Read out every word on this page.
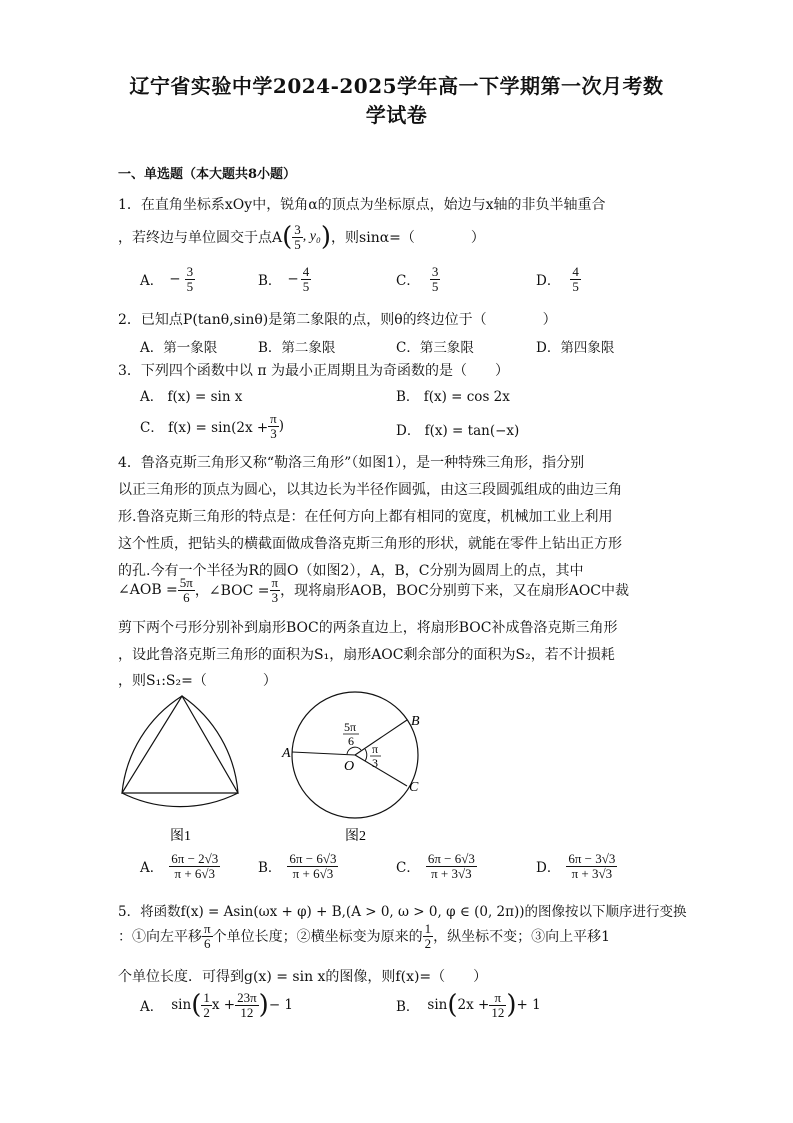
辽宁省实验中学2024-2025学年高一下学期第一次月考数
学试卷
一、单选题（本大题共8小题）
1．在直角坐标系xOy中，锐角α的顶点为坐标原点，始边与x轴的非负半轴重合
，若终边与单位圆交于点A ( $\frac{3}{5}$ , y₀ ) ，则sinα=（　　　　）
A． − $\frac{3}{5}$	B． − $\frac{4}{5}$	C． $\frac{3}{5}$	D． $\frac{4}{5}$
2．已知点P(tanθ,sinθ)是第二象限的点，则θ的终边位于（　　　　）
A．第一象限	B．第二象限	C．第三象限	D．第四象限
3．下列四个函数中以 π 为最小正周期且为奇函数的是（　　）
A． f(x) = sin x	B． f(x) = cos 2x
C． $f(x) = \sin(2x + \frac{\pi}{3}$ )	D． f(x) = tan(−x)
4．鲁洛克斯三角形又称“勒洛三角形”（如图1），是一种特殊三角形，指分别
以正三角形的顶点为圆心，以其边长为半径作圆弧，由这三段圆弧组成的曲边三角
形.鲁洛克斯三角形的特点是：在任何方向上都有相同的宽度，机械加工业上利用
这个性质，把钻头的横截面做成鲁洛克斯三角形的形状，就能在零件上钻出正方形
的孔.今有一个半径为R的圆O（如图2），A，B，C分别为圆周上的点，其中
∠AOB = $\frac{5\pi}{6}$ ，∠BOC = $\frac{\pi}{3}$ ，现将扇形AOB，BOC分别剪下来，又在扇形AOC中裁
剪下两个弓形分别补到扇形BOC的两条直边上，将扇形BOC补成鲁洛克斯三角形
，设此鲁洛克斯三角形的面积为S₁，扇形AOC剩余部分的面积为S₂，若不计损耗
，则S₁:S₂=（　　　　）
图1
A
B
C
O
5π
6
π
3
图2
A． $\frac{6\pi - 2√3}{\pi + 6√3}$	B． $\frac{6\pi - 6√3}{\pi + 6√3}$	C． $\frac{6\pi - 6√3}{\pi + 3√3}$	D． $\frac{6\pi - 3√3}{\pi + 3√3}$
5．将函数f(x) = Asin(ωx + φ) + B,(A > 0, ω > 0, φ ∈ (0, 2π))的图像按以下顺序进行变换
：①向左平移 $\frac{\pi}{6}$ 个单位长度；②横坐标变为原来的 $\frac{1}{2}$ ，纵坐标不变；③向上平移1
个单位长度．可得到g(x) = sin x的图像，则f(x)=（　　）
A． sin ( $\frac{1}{2}$ $x + \frac{23\pi}{12}$ ) − 1	B． sin ( $2x + \frac{\pi}{12}$ ) + 1
